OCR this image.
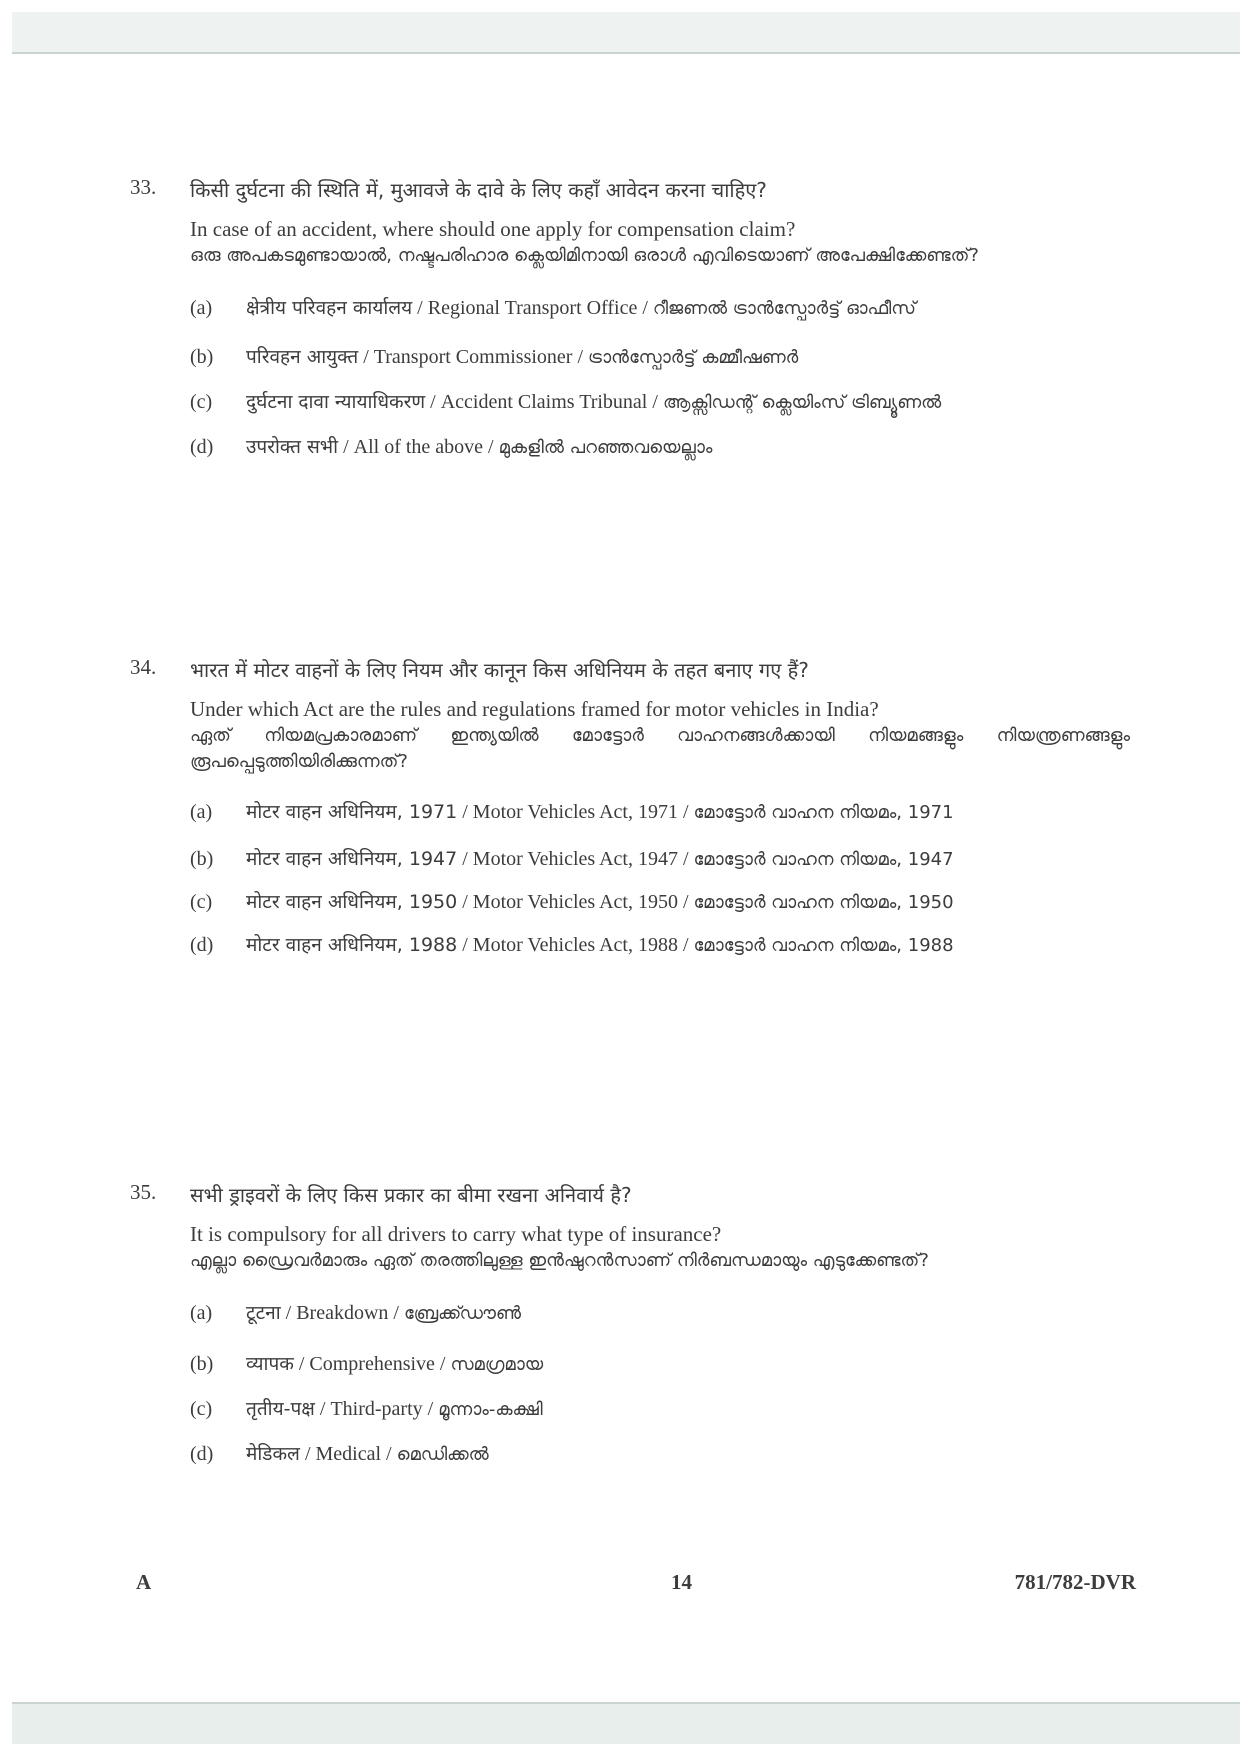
33.	किसी दुर्घटना की स्थिति में, मुआवजे के दावे के लिए कहाँ आवेदन करना चाहिए?
In case of an accident, where should one apply for compensation claim?
ഒരു അപകടമുണ്ടായാൽ, നഷ്ടപരിഹാര ക്ലെയിമിനായി ഒരാൾ എവിടെയാണ് അപേക്ഷിക്കേണ്ടത്?
(a) क्षेत्रीय परिवहन कार्यालय / Regional Transport Office / റീജണൽ ട്രാൻസ്പോർട്ട് ഓഫീസ്
(b) परिवहन आयुक्त / Transport Commissioner / ട്രാൻസ്പോർട്ട് കമ്മീഷണർ
(c) दुर्घटना दावा न्यायाधिकरण / Accident Claims Tribunal / ആക്സിഡന്റ് ക്ലെയിംസ് ട്രിബ്യൂണൽ
(d) उपरोक्त सभी / All of the above / മുകളിൽ പറഞ്ഞവയെല്ലാം
34.	भारत में मोटर वाहनों के लिए नियम और कानून किस अधिनियम के तहत बनाए गए हैं?
Under which Act are the rules and regulations framed for motor vehicles in India?
ഏത് നിയമപ്രകാരമാണ് ഇന്ത്യയിൽ മോട്ടോർ വാഹനങ്ങൾക്കായി നിയമങ്ങളും നിയന്ത്രണങ്ങളും രൂപപ്പെടുത്തിയിരിക്കുന്നത്?
(a) मोटर वाहन अधिनियम, 1971 / Motor Vehicles Act, 1971 / മോട്ടോർ വാഹന നിയമം, 1971
(b) मोटर वाहन अधिनियम, 1947 / Motor Vehicles Act, 1947 / മോട്ടോർ വാഹന നിയമം, 1947
(c) मोटर वाहन अधिनियम, 1950 / Motor Vehicles Act, 1950 / മോട്ടോർ വാഹന നിയമം, 1950
(d) मोटर वाहन अधिनियम, 1988 / Motor Vehicles Act, 1988 / മോട്ടോർ വാഹന നിയമം, 1988
35.	सभी ड्राइवरों के लिए किस प्रकार का बीमा रखना अनिवार्य है?
It is compulsory for all drivers to carry what type of insurance?
എല്ലാ ഡ്രൈവർമാരും ഏത് തരത്തിലുള്ള ഇൻഷുറൻസാണ് നിർബന്ധമായും എടുക്കേണ്ടത്?
(a) टूटना / Breakdown / ബ്രേക്ക്ഡൗൺ
(b) व्यापक / Comprehensive / സമഗ്രമായ
(c) तृतीय-पक्ष / Third-party / മൂന്നാം-കക്ഷി
(d) मेडिकल / Medical / മെഡിക്കൽ
A	14	781/782-DVR
